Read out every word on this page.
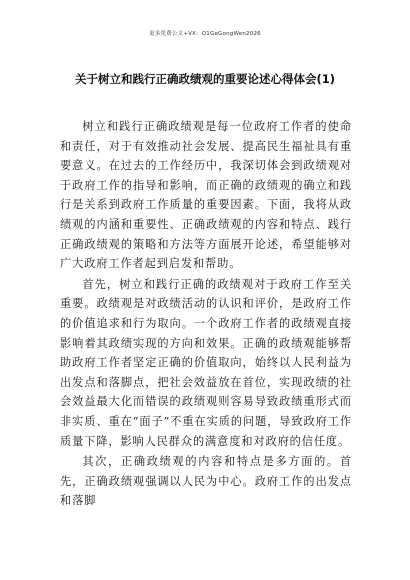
更多免费公文+VX：Q1GeGongWen2026
关于树立和践行正确政绩观的重要论述心得体会(1)

树立和践行正确政绩观是每一位政府工作者的使命和责任，对于有效推动社会发展、提高民生福祉具有重要意义。在过去的工作经历中，我深切体会到政绩观对于政府工作的指导和影响，而正确的政绩观的确立和践行是关系到政府工作质量的重要因素。下面，我将从政绩观的内涵和重要性、正确政绩观的内容和特点、践行正确政绩观的策略和方法等方面展开论述，希望能够对广大政府工作者起到启发和帮助。

首先，树立和践行正确的政绩观对于政府工作至关重要。政绩观是对政绩活动的认识和评价，是政府工作的价值追求和行为取向。一个政府工作者的政绩观直接影响着其政绩实现的方向和效果。正确的政绩观能够帮助政府工作者坚定正确的价值取向，始终以人民利益为出发点和落脚点，把社会效益放在首位，实现政绩的社会效益最大化而错误的政绩观则容易导致政绩重形式而非实质、重在“面子”不重在实质的问题，导致政府工作质量下降，影响人民群众的满意度和对政府的信任度。

其次，正确政绩观的内容和特点是多方面的。首先，正确政绩观强调以人民为中心。政府工作的出发点和落脚
